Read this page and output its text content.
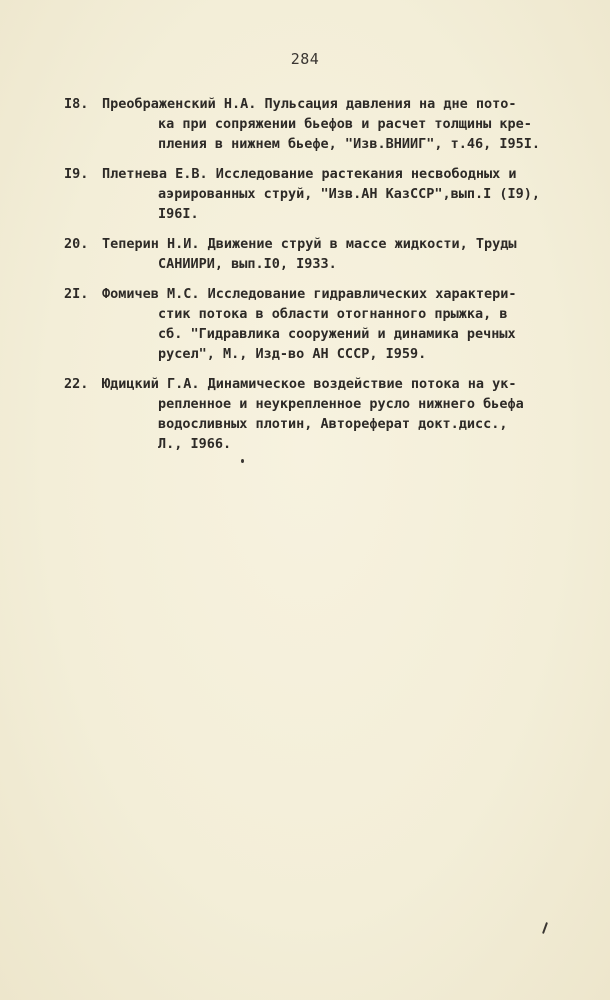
284
I8.	Преображенский Н.А. Пульсация давления на дне пото-
ка при сопряжении бьефов и расчет толщины кре-
пления в нижнем бьефе, "Изв.ВНИИГ", т.46, I95I.
I9.	Плетнева Е.В. Исследование растекания несвободных и
аэрированных струй, "Изв.АН КазССР",вып.I (I9),
I96I.
20.	Теперин Н.И. Движение струй в массе жидкости, Труды
САНИИРИ, вып.I0, I933.
2I.	Фомичев М.С. Исследование гидравлических характери-
стик потока в области отогнанного прыжка, в
сб. "Гидравлика сооружений и динамика речных
русел", М., Изд-во АН СССР, I959.
22.	Юдицкий Г.А. Динамическое воздействие потока на ук-
репленное и неукрепленное русло нижнего бьефа
водосливных плотин, Автореферат докт.дисс.,
Л., I966.
